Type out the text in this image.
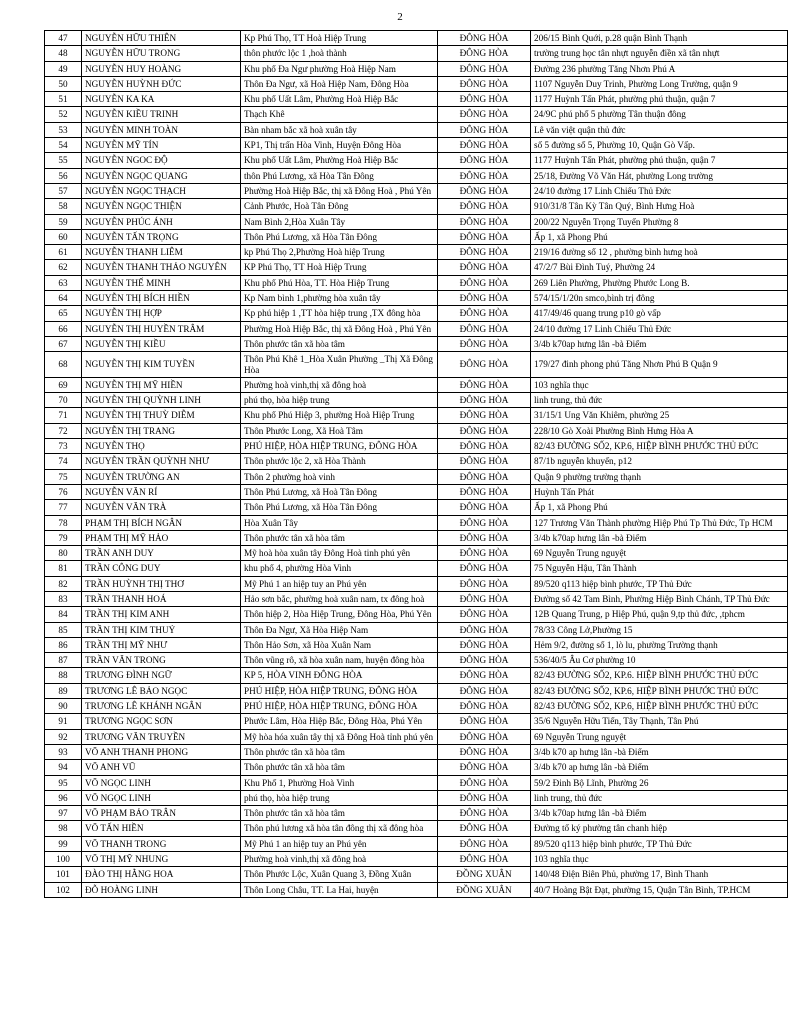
2
47	NGUYỄN HỮU THIÊN	Kp Phú Thọ, TT Hoà Hiệp Trung	ĐÔNG HÒA	206/15 Bình Quới, p.28 quận Bình Thạnh
48	NGUYỄN HỮU TRONG	thôn phước lộc 1 ,hoà thành	ĐÔNG HÒA	trường trung học tân nhựt nguyễn điền xã tân nhựt
49	NGUYỄN HUY HOÀNG	Khu phố Đa Ngư phường Hoà Hiệp Nam	ĐÔNG HÒA	Đường 236 phường Tăng Nhơn Phú A
50	NGUYỄN HUỲNH ĐỨC	Thôn Đa Ngư, xã Hoà Hiệp Nam, Đông Hòa	ĐÔNG HÒA	1107 Nguyễn Duy Trinh, Phường Long Trường, quận 9
51	NGUYỄN KA KA	Khu phố Uất Lâm, Phường Hoà Hiệp Bắc	ĐÔNG HÒA	1177 Huỳnh Tấn Phát, phường phú thuận, quận 7
52	NGUYỄN KIỀU TRINH	Thạch Khê	ĐÔNG HÒA	24/9C phú phố 5 phường Tân thuận đông
53	NGUYỄN MINH TOÀN	Bàn nham bắc xã hoà xuân tây	ĐÔNG HÒA	Lê văn việt quận thủ đức
54	NGUYỄN MỸ TÍN	KP1, Thị trấn Hòa Vinh, Huyện Đông Hòa	ĐÔNG HÒA	số 5 đường số 5, Phường 10, Quận Gò Vấp.
55	NGUYỄN NGOC ĐỘ	Khu phố Uất Lâm, Phường Hoà Hiệp Bắc	ĐÔNG HÒA	1177 Huỳnh Tấn Phát, phường phú thuận, quận 7
56	NGUYỄN NGỌC QUANG	thôn Phú Lương, xã Hòa Tân Đông	ĐÔNG HÒA	25/18, Đường Võ Văn Hát, phường Long trường
57	NGUYỄN NGỌC THẠCH	Phường Hoà Hiệp Bắc, thị xã Đông Hoà , Phú Yên	ĐÔNG HÒA	24/10 đường 17 Linh Chiểu Thủ Đức
58	NGUYỄN NGỌC THIỆN	Cảnh Phước, Hoà Tân Đông	ĐÔNG HÒA	910/31/8 Tân Kỳ Tân Quý, Bình Hưng Hoà
59	NGUYỄN PHÚC ÁNH	Nam Bình 2,Hòa Xuân Tây	ĐÔNG HÒA	200/22 Nguyễn Trọng Tuyển Phường 8
60	NGUYỄN TẤN TRỌNG	Thôn Phú Lương, xã Hòa Tân Đông	ĐÔNG HÒA	Ấp 1, xã Phong Phú
61	NGUYỄN THANH LIÊM	kp Phú Thọ 2,Phường Hoà hiệp Trung	ĐÔNG HÒA	219/16 đường số 12 , phường bình hưng hoà
62	NGUYỄN THANH THẢO NGUYÊN	KP Phú Thọ, TT Hoà Hiệp Trung	ĐÔNG HÒA	47/2/7 Bùi Đình Tuý, Phường 24
63	NGUYỄN THẾ MINH	Khu phố Phú Hòa, TT. Hòa Hiệp Trung	ĐÔNG HÒA	269 Liên Phường, Phường Phước Long B.
64	NGUYỄN THỊ BÍCH HIỀN	Kp Nam bình 1,phường hòa xuân tây	ĐÔNG HÒA	574/15/1/20n smco,bình trị đông
65	NGUYỄN THỊ HỢP	Kp phú hiệp 1 ,TT hòa hiệp trung ,TX đông hòa	ĐÔNG HÒA	417/49/46 quang trung p10 gò vấp
66	NGUYỄN THỊ HUYỀN TRÂM	Phường Hoà Hiệp Bắc, thị xã Đông Hoà , Phú Yên	ĐÔNG HÒA	24/10 đường 17 Linh Chiểu Thủ Đức
67	NGUYỄN THỊ KIỀU	Thôn phước tân xã hòa tâm	ĐÔNG HÒA	3/4b k70ap hưng lân -bà Điểm
68	NGUYỄN THỊ KIM TUYỀN	Thôn Phú Khê 1_Hòa Xuân Phường _Thị Xã Đông Hòa	ĐÔNG HÒA	179/27 đinh phong phú Tăng Nhơn Phú B Quận 9
69	NGUYỄN THỊ MỸ HIỀN	Phường hoà vinh,thị xã đông hoà	ĐÔNG HÒA	103 nghĩa thục
70	NGUYỄN THỊ QUỲNH LINH	phú thọ, hòa hiệp trung	ĐÔNG HÒA	linh trung, thủ đức
71	NGUYỄN THỊ THUỲ DIỄM	Khu phố Phú Hiệp 3, phường Hoà Hiệp Trung	ĐÔNG HÒA	31/15/1 Ung Văn Khiêm, phường 25
72	NGUYỄN THỊ TRANG	Thôn Phước Long, Xã Hoà Tâm	ĐÔNG HÒA	228/10 Gò Xoài Phường Bình Hưng Hòa A
73	NGUYỄN THỌ	PHÚ HIỆP, HÒA HIỆP TRUNG, ĐÔNG HÒA	ĐÔNG HÒA	82/43 ĐƯỜNG SỐ2, KP.6, HIỆP BÌNH PHƯỚC THỦ ĐỨC
74	NGUYỄN TRẦN QUỲNH NHƯ	Thôn phước lộc 2, xã Hòa Thành	ĐÔNG HÒA	87/1b nguyễn khuyến, p12
75	NGUYỄN TRƯỜNG AN	Thôn 2 phường hoà vinh	ĐÔNG HÒA	Quận 9 phường trường thạnh
76	NGUYỄN VĂN RÍ	Thôn Phú Lương, xã Hoà Tân Đông	ĐÔNG HÒA	Huỳnh Tấn Phát
77	NGUYỄN VĂN TRÀ	Thôn Phú Lương, xã Hòa Tân Đông	ĐÔNG HÒA	Ấp 1, xã Phong Phú
78	PHẠM THỊ BÍCH NGÂN	Hòa Xuân Tây	ĐÔNG HÒA	127 Trương Văn Thành phường Hiệp Phú Tp Thủ Đức, Tp HCM
79	PHẠM THỊ MỸ HẢO	Thôn phước tân xã hòa tâm	ĐÔNG HÒA	3/4b k70ap hưng lân -bà Điểm
80	TRẦN ANH DUY	Mỹ hoà hòa xuân tây Đông Hoà tinh phú yên	ĐÔNG HÒA	69 Nguyễn Trung nguyệt
81	TRẦN CÔNG DUY	khu phố 4, phường Hòa Vinh	ĐÔNG HÒA	75 Nguyễn Hậu, Tân Thành
82	TRẦN HUỲNH THỊ THƠ	Mỹ Phú 1 an hiệp tuy an Phú yên	ĐÔNG HÒA	89/520 q113 hiệp bình phước, TP Thủ Đức
83	TRẦN THANH HOÁ	Hảo sơn bắc, phường hoà xuân nam, tx đông hoà	ĐÔNG HÒA	Đường số 42 Tam Bình, Phường Hiệp Bình Chánh, TP Thủ Đức
84	TRẦN THỊ KIM ANH	Thôn hiệp 2, Hòa Hiệp Trung, Đông Hòa, Phú Yên	ĐÔNG HÒA	12B Quang Trung, p Hiệp Phú, quận 9,tp thủ đức, ,tphcm
85	TRẦN THỊ KIM THUỶ	Thôn Đa Ngư, Xã Hòa Hiệp Nam	ĐÔNG HÒA	78/33 Công Lở,Phường 15
86	TRẦN THỊ MỸ NHƯ	Thôn Hảo Sơn, xã Hòa Xuân Nam	ĐÔNG HÒA	Hẻm 9/2, đường số 1, lò lu, phường Trường thạnh
87	TRẦN VĂN TRONG	Thôn vũng rô, xã hòa xuân nam, huyện đông hòa	ĐÔNG HÒA	536/40/5 Âu Cơ phường 10
88	TRƯƠNG ĐÌNH NGỮ	KP 5, HÒA VINH ĐÔNG HÒA	ĐÔNG HÒA	82/43 ĐƯỜNG SỐ2, KP.6. HIỆP BÌNH PHƯỚC THỦ ĐỨC
89	TRƯƠNG LÊ BẢO NGỌC	PHÚ HIỆP, HÒA HIỆP TRUNG, ĐÔNG HÒA	ĐÔNG HÒA	82/43 ĐƯỜNG SỐ2, KP.6, HIỆP BÌNH PHƯỚC THỦ ĐỨC
90	TRƯƠNG LÊ KHÁNH NGÂN	PHÚ HIỆP, HÒA HIỆP TRUNG, ĐÔNG HÒA	ĐÔNG HÒA	82/43 ĐƯỜNG SỐ2, KP.6, HIỆP BÌNH PHƯỚC THỦ ĐỨC
91	TRƯƠNG NGỌC SƠN	Phước Lâm, Hòa Hiệp Bắc, Đông Hòa, Phú Yên	ĐÔNG HÒA	35/6 Nguyễn Hữu Tiến, Tây Thạnh, Tân Phú
92	TRƯƠNG VĂN TRUYỀN	Mỹ hòa hóa xuân tây thị xã Đông Hoà tỉnh phú yên	ĐÔNG HÒA	69 Nguyễn Trung nguyệt
93	VÕ ANH THANH PHONG	Thôn phước tân xã hòa tâm	ĐÔNG HÒA	3/4b k70 ap hưng lân -bà Điểm
94	VÕ ANH VŨ	Thôn phước tân xã hòa tâm	ĐÔNG HÒA	3/4b k70 ap hưng lân -bà Điểm
95	VÕ NGỌC LINH	Khu Phố 1, Phường Hoà Vinh	ĐÔNG HÒA	59/2 Đinh Bộ Lĩnh, Phường 26
96	VÕ NGỌC LINH	phú thọ, hòa hiệp trung	ĐÔNG HÒA	linh trung, thủ đức
97	VÕ PHẠM BẢO TRÂN	Thôn phước tân xã hòa tâm	ĐÔNG HÒA	3/4b k70ap hưng lân -bà Điểm
98	VÕ TẤN HIỀN	Thôn phú lương xã hòa tân đông thị xã đông hòa	ĐÔNG HÒA	Đường tổ ký phường tân chanh hiệp
99	VÕ THANH TRONG	Mỹ Phú 1 an hiệp tuy an Phú yên	ĐÔNG HÒA	89/520 q113 hiệp bình phước, TP Thủ Đức
100	VÕ THỊ MỸ NHUNG	Phường hoà vinh,thị xã đông hoà	ĐÔNG HÒA	103 nghĩa thục
101	ĐÀO THỊ HẰNG HOA	Thôn Phước Lộc, Xuân Quang 3, Đồng Xuân	ĐỒNG XUÂN	140/48 Điện Biên Phủ, phường 17, Bình Thanh
102	ĐỖ HOÀNG LINH	Thôn Long Châu, TT. La Hai, huyện	ĐỒNG XUÂN	40/7 Hoàng Bật Đạt, phường 15, Quận Tân Bình, TP.HCM
